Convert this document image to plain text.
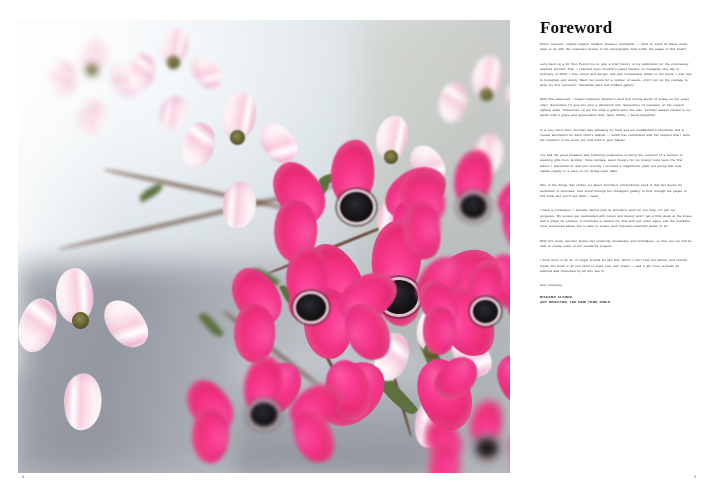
8
Foreword

Pliers, scissors, scallop edgers, bamboo skewers, toothpicks — what on earth do these items have to do with the unspoken beauty of the photographs held within the pages of this book?

Let's back up a bit first. Permit me to give a brief history of my admiration for the enormously talented Jennifer Tran. I chanced upon Jennifer's paper flowers on Instagram one day in February of 2015. I love colour and design, and was immediately drawn to her posts. I was new to Instagram and simply 'liked' her posts for a number of weeks, until I got up the courage to write my first comment: 'Incredible work and brilliant gallery'.

With that statement, I began following Jennifer's feed and writing words of praise on her posts often. Sometimes I'd give her post a whimsical title. Sometimes I'd comment on her superb lighting skills. Sometimes I'd tell her what a gifted artist she was. Jennifer always replied to my words with a grace and appreciation that, quite frankly, I found delightful.

In a very short time, Jennifer was following my feed and we established a friendship and a mutual admiration for each other's talents — which has culminated with her request that I write the foreword to the book you now hold in your hands!

I've had the great pleasure and humbling experience of being the recipient of a number of amazing gifts from Jennifer: three delicate Lapel flowers for my (many) suits were the first pieces I marvelled at; and just recently I received a magnificent giant red peony that now stands regally in a vase on my dining-room table.

One of the things that strikes me about Jennifer's extraordinary work is that her desire for perfection is unlimited. Just scroll through her Instagram gallery or flick through the pages of this book and you'll see what I mean.

I have a confession. I actually cannot look at Jennifer's work for too long, it's just too gorgeous. My senses get overloaded with colour and beauty and I get a little weak at the knees and a whole lot envious. It continues to amaze me that with just some paper and the mundane tools mentioned above she is able to create such intensely beautiful works of art.

With this book, Jennifer shares her creativity, knowledge and techniques, so that you too will be able to create some of her wonderful projects.

I think there is an air of magic around art like this, which I can't help but admire and cherish. Inside this book is all you need to make your own magic — and it will most certainly be admired and cherished by all who see it!

Very sincerely,

RICHARD ALOISIO

ART DIRECTOR, THE NEW YORK TIMES

9
